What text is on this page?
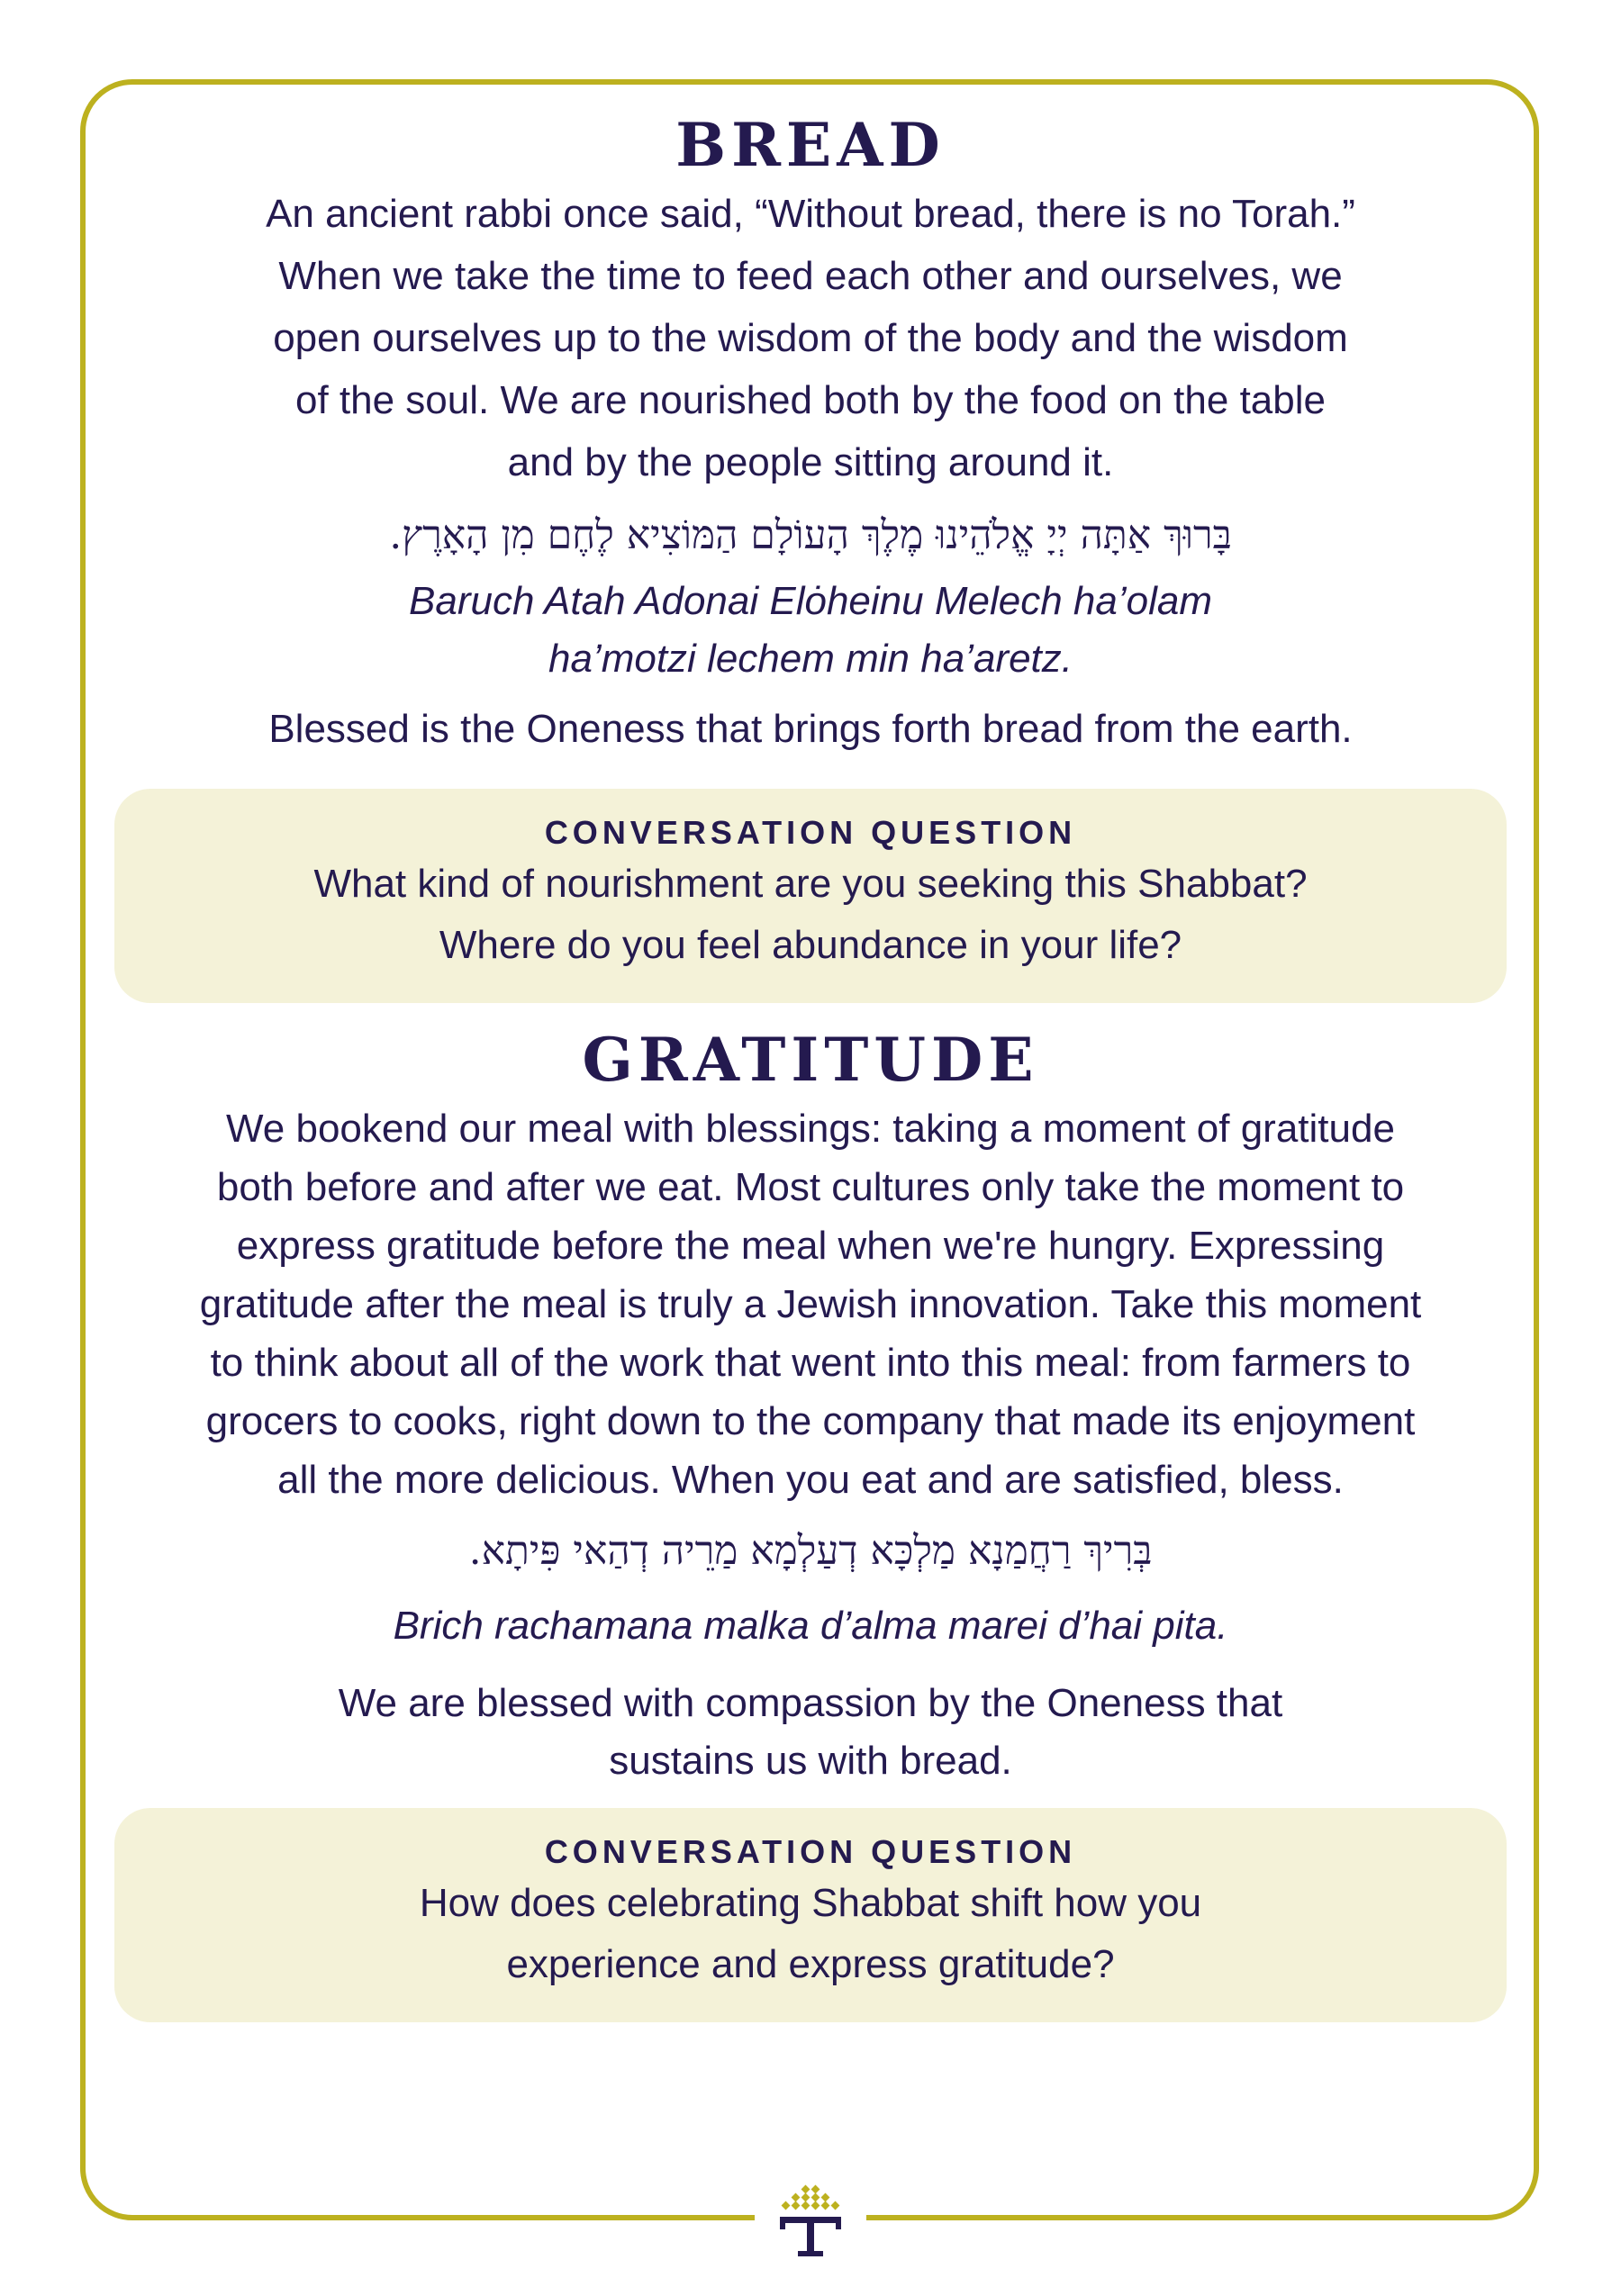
BREAD

An ancient rabbi once said, “Without bread, there is no Torah.”

When we take the time to feed each other and ourselves, we

open ourselves up to the wisdom of the body and the wisdom

of the soul. We are nourished both by the food on the table

and by the people sitting around it.

בָּרוּךְ אַתָּה יְיָ אֱלֹהֵינוּ מֶלֶךְ הָעוֹלָם הַמּוֹצִיא לֶחֶם מִן הָאָרֶץ.

Baruch Atah Adonai Elȯheinu Melech ha’olam

ha’motzi lechem min ha’aretz.

Blessed is the Oneness that brings forth bread from the earth.

CONVERSATION QUESTION

What kind of nourishment are you seeking this Shabbat?

Where do you feel abundance in your life?

GRATITUDE

We bookend our meal with blessings: taking a moment of gratitude

both before and after we eat. Most cultures only take the moment to

express gratitude before the meal when we're hungry. Expressing

gratitude after the meal is truly a Jewish innovation. Take this moment

to think about all of the work that went into this meal: from farmers to

grocers to cooks, right down to the company that made its enjoyment

all the more delicious. When you eat and are satisfied, bless.

בְּרִיךְ רַחֲמַנָא מַלְכָּא דְעַלְמָא מַרֵיה דְהַאי פִּיתָא.

Brich rachamana malka d’alma marei d’hai pita.

We are blessed with compassion by the Oneness that

sustains us with bread.

CONVERSATION QUESTION

How does celebrating Shabbat shift how you

experience and express gratitude?
